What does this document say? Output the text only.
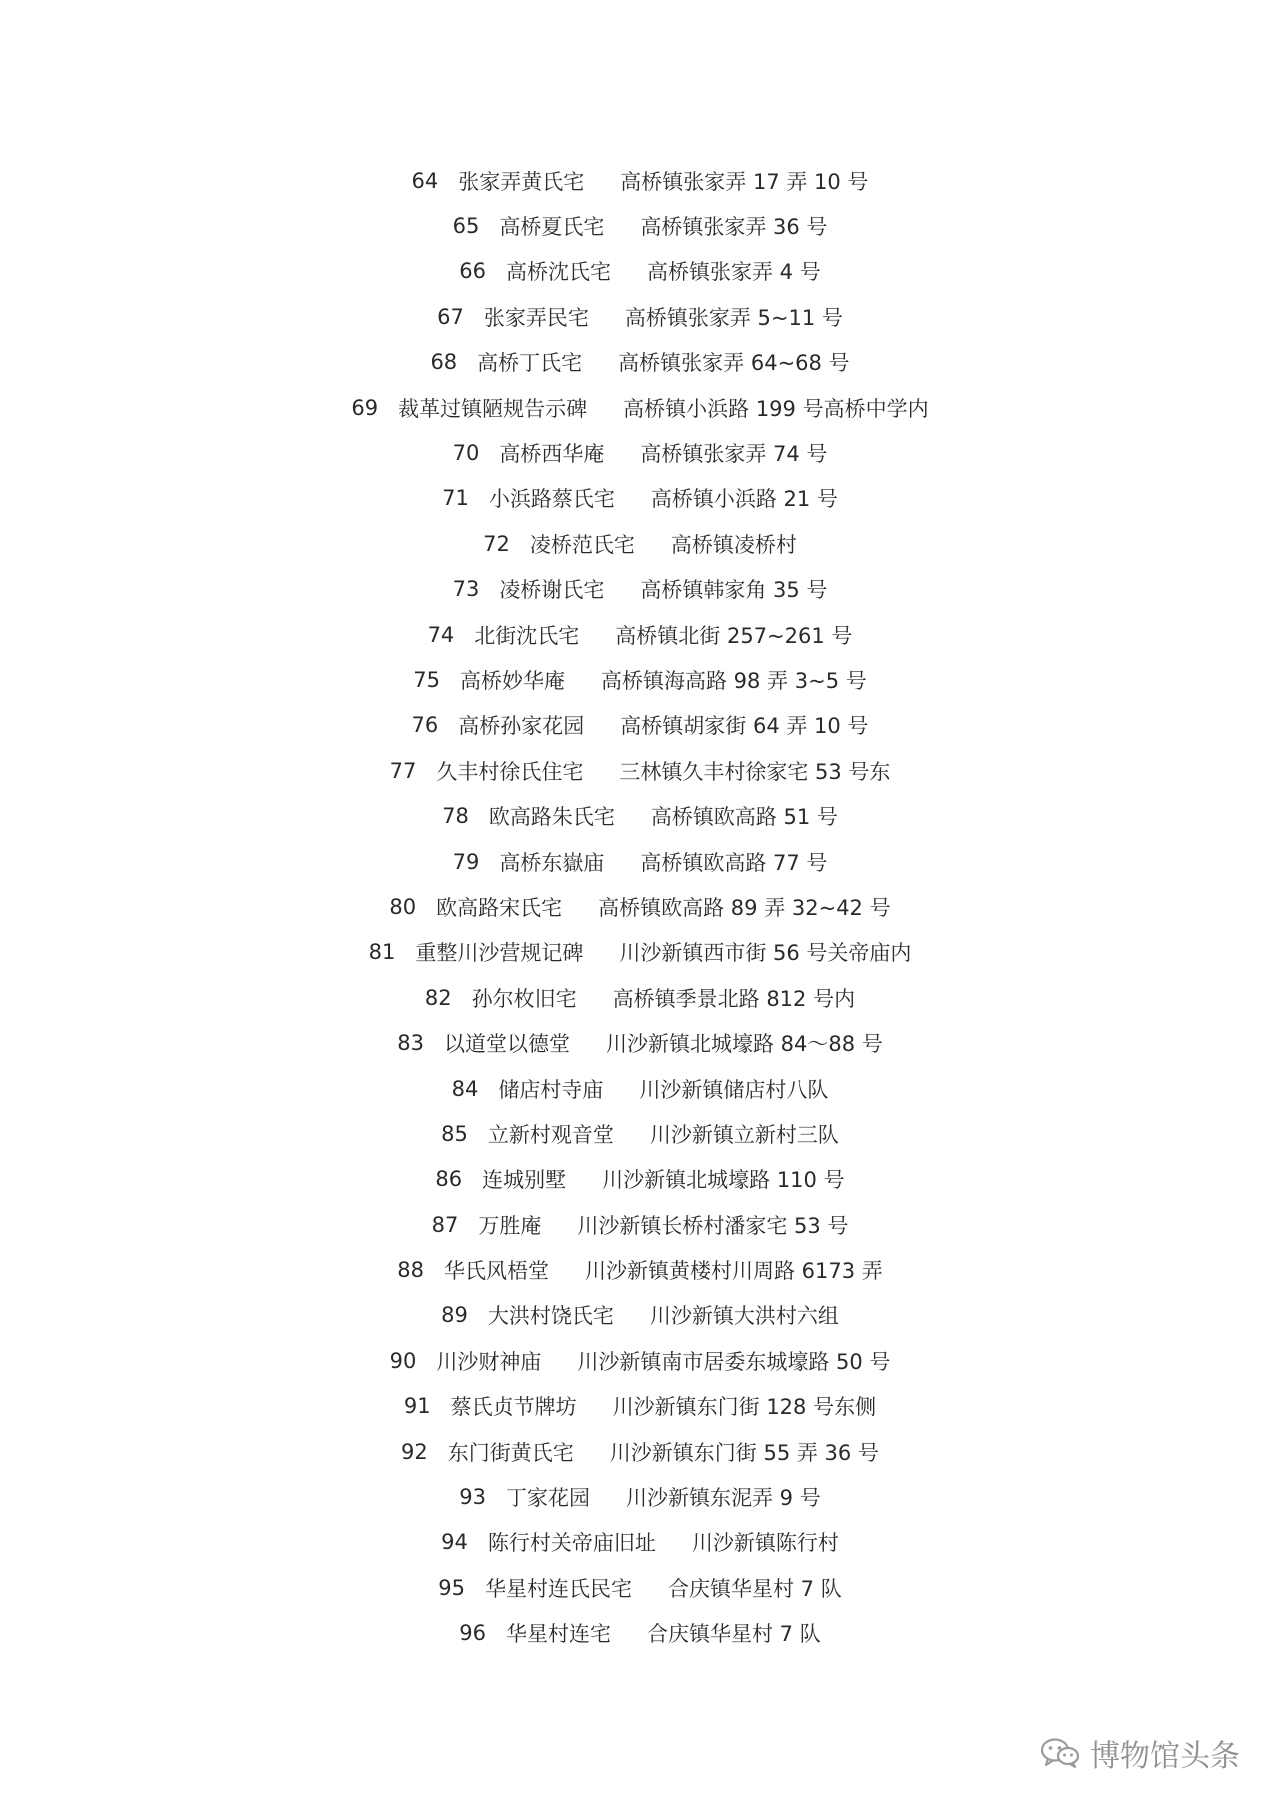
64 张家弄黄氏宅 高桥镇张家弄 17 弄 10 号
65 高桥夏氏宅 高桥镇张家弄 36 号
66 高桥沈氏宅 高桥镇张家弄 4 号
67 张家弄民宅 高桥镇张家弄 5~11 号
68 高桥丁氏宅 高桥镇张家弄 64~68 号
69 裁革过镇陋规告示碑 高桥镇小浜路 199 号高桥中学内
70 高桥西华庵 高桥镇张家弄 74 号
71 小浜路蔡氏宅 高桥镇小浜路 21 号
72 凌桥范氏宅 高桥镇凌桥村
73 凌桥谢氏宅 高桥镇韩家角 35 号
74 北街沈氏宅 高桥镇北街 257~261 号
75 高桥妙华庵 高桥镇海高路 98 弄 3~5 号
76 高桥孙家花园 高桥镇胡家街 64 弄 10 号
77 久丰村徐氏住宅 三林镇久丰村徐家宅 53 号东
78 欧高路朱氏宅 高桥镇欧高路 51 号
79 高桥东嶽庙 高桥镇欧高路 77 号
80 欧高路宋氏宅 高桥镇欧高路 89 弄 32~42 号
81 重整川沙营规记碑 川沙新镇西市街 56 号关帝庙内
82 孙尔枚旧宅 高桥镇季景北路 812 号内
83 以道堂以德堂 川沙新镇北城壕路 84～88 号
84 储店村寺庙 川沙新镇储店村八队
85 立新村观音堂 川沙新镇立新村三队
86 连城别墅 川沙新镇北城壕路 110 号
87 万胜庵 川沙新镇长桥村潘家宅 53 号
88 华氏风梧堂 川沙新镇黄楼村川周路 6173 弄
89 大洪村饶氏宅 川沙新镇大洪村六组
90 川沙财神庙 川沙新镇南市居委东城壕路 50 号
91 蔡氏贞节牌坊 川沙新镇东门街 128 号东侧
92 东门街黄氏宅 川沙新镇东门街 55 弄 36 号
93 丁家花园 川沙新镇东泥弄 9 号
94 陈行村关帝庙旧址 川沙新镇陈行村
95 华星村连氏民宅 合庆镇华星村 7 队
96 华星村连宅 合庆镇华星村 7 队
博物馆头条
